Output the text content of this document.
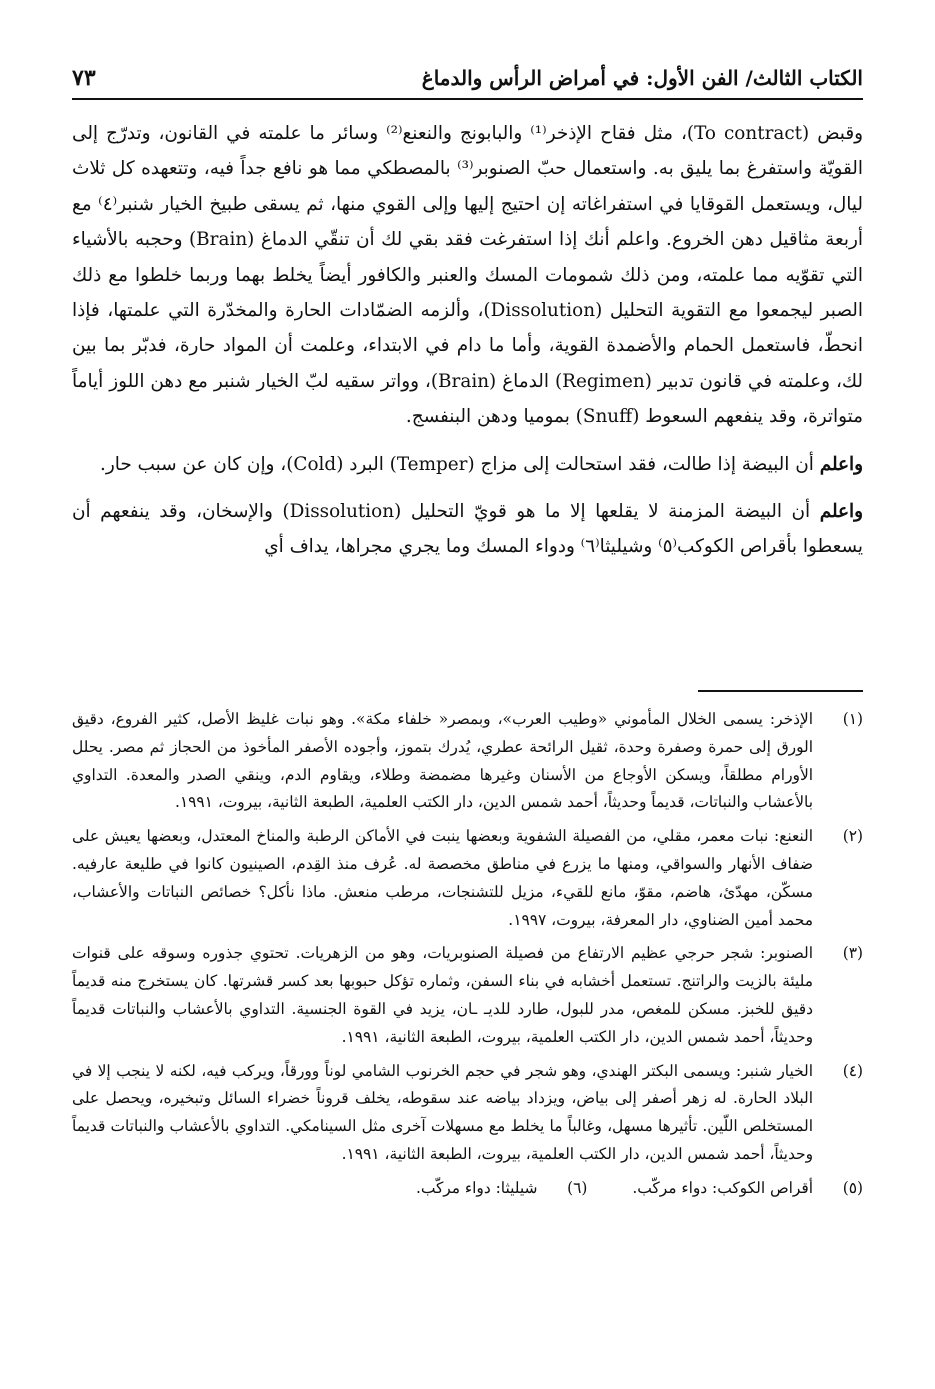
الكتاب الثالث/ الفن الأول: في أمراض الرأس والدماغ
٧٣

وقبض (To contract)، مثل فقاح الإذخر⁽¹⁾ والبابونج والنعنع⁽²⁾ وسائر ما علمته في القانون، وتدرّج إلى القويّة واستفرغ بما يليق به. واستعمال حبّ الصنوبر⁽³⁾ بالمصطكي مما هو نافع جداً فيه، وتتعهده كل ثلاث ليال، ويستعمل القوقايا في استفراغاته إن احتيج إليها وإلى القوي منها، ثم يسقى طبيخ الخيار شنبر⁽٤⁾ مع أربعة مثاقيل دهن الخروع. واعلم أنك إذا استفرغت فقد بقي لك أن تنقّي الدماغ (Brain) وحجبه بالأشياء التي تقوّيه مما علمته، ومن ذلك شمومات المسك والعنبر والكافور أيضاً يخلط بهما وربما خلطوا مع ذلك الصبر ليجمعوا مع التقوية التحليل (Dissolution)، وألزمه الضمّادات الحارة والمخدّرة التي علمتها، فإذا انحطّ، فاستعمل الحمام والأضمدة القوية، وأما ما دام في الابتداء، وعلمت أن المواد حارة، فدبّر بما بين لك، وعلمته في قانون تدبير (Regimen) الدماغ (Brain)، وواتر سقيه لبّ الخيار شنبر مع دهن اللوز أياماً متواترة، وقد ينفعهم السعوط (Snuff) بموميا ودهن البنفسج.

واعلم أن البيضة إذا طالت، فقد استحالت إلى مزاج (Temper) البرد (Cold)، وإن كان عن سبب حار.

واعلم أن البيضة المزمنة لا يقلعها إلا ما هو قويّ التحليل (Dissolution) والإسخان، وقد ينفعهم أن يسعطوا بأقراص الكوكب⁽٥⁾ وشيليثا⁽٦⁾ ودواء المسك وما يجري مجراها، يداف أي

(١)
الإذخر: يسمى الخلال المأموني «وطيب العرب»، وبمصر« خلفاء مكة». وهو نبات غليظ الأصل، كثير الفروع، دقيق الورق إلى حمرة وصفرة وحدة، ثقيل الرائحة عطري، يُدرك بتموز، وأجوده الأصفر المأخوذ من الحجاز ثم مصر. يحلل الأورام مطلقاً، ويسكن الأوجاع من الأسنان وغيرها مضمضة وطلاء، ويقاوم الدم، وينقي الصدر والمعدة. التداوي بالأعشاب والنباتات، قديماً وحديثاً، أحمد شمس الدين، دار الكتب العلمية، الطبعة الثانية، بيروت، ١٩٩١.
(٢)
النعنع: نبات معمر، مقلي، من الفصيلة الشفوية وبعضها ينبت في الأماكن الرطبة والمناخ المعتدل، وبعضها يعيش على ضفاف الأنهار والسواقي، ومنها ما يزرع في مناطق مخصصة له. عُرف منذ القِدم، الصينيون كانوا في طليعة عارفيه. مسكّن، مهدّئ، هاضم، مقوّ، مانع للقيء، مزيل للتشنجات، مرطب منعش. ماذا نأكل؟ خصائص النباتات والأعشاب، محمد أمين الضناوي، دار المعرفة، بيروت، ١٩٩٧.
(٣)
الصنوبر: شجر حرجي عظيم الارتفاع من فصيلة الصنوبريات، وهو من الزهريات. تحتوي جذوره وسوقه على قنوات مليئة بالزيت والراتنج. تستعمل أخشابه في بناء السفن، وثماره تؤكل حبوبها بعد كسر قشرتها. كان يستخرج منه قديماً دقيق للخبز. مسكن للمغص، مدر للبول، طارد للديـ ـان، يزيد في القوة الجنسية. التداوي بالأعشاب والنباتات قديماً وحديثاً، أحمد شمس الدين، دار الكتب العلمية، بيروت، الطبعة الثانية، ١٩٩١.
(٤)
الخيار شنبر: ويسمى البكتر الهندي، وهو شجر في حجم الخرنوب الشامي لوناً وورقاً، ويركب فيه، لكنه لا ينجب إلا في البلاد الحارة. له زهر أصفر إلى بياض، ويزداد بياضه عند سقوطه، يخلف قروناً خضراء السائل وتبخيره، ويحصل على المستخلص اللّين. تأثيرها مسهل، وغالباً ما يخلط مع مسهلات آخرى مثل السينامكي. التداوي بالأعشاب والنباتات قديماً وحديثاً، أحمد شمس الدين، دار الكتب العلمية، بيروت، الطبعة الثانية، ١٩٩١.
(٥)
أقراص الكوكب: دواء مركّب.
(٦)
شيليثا: دواء مركّب.
